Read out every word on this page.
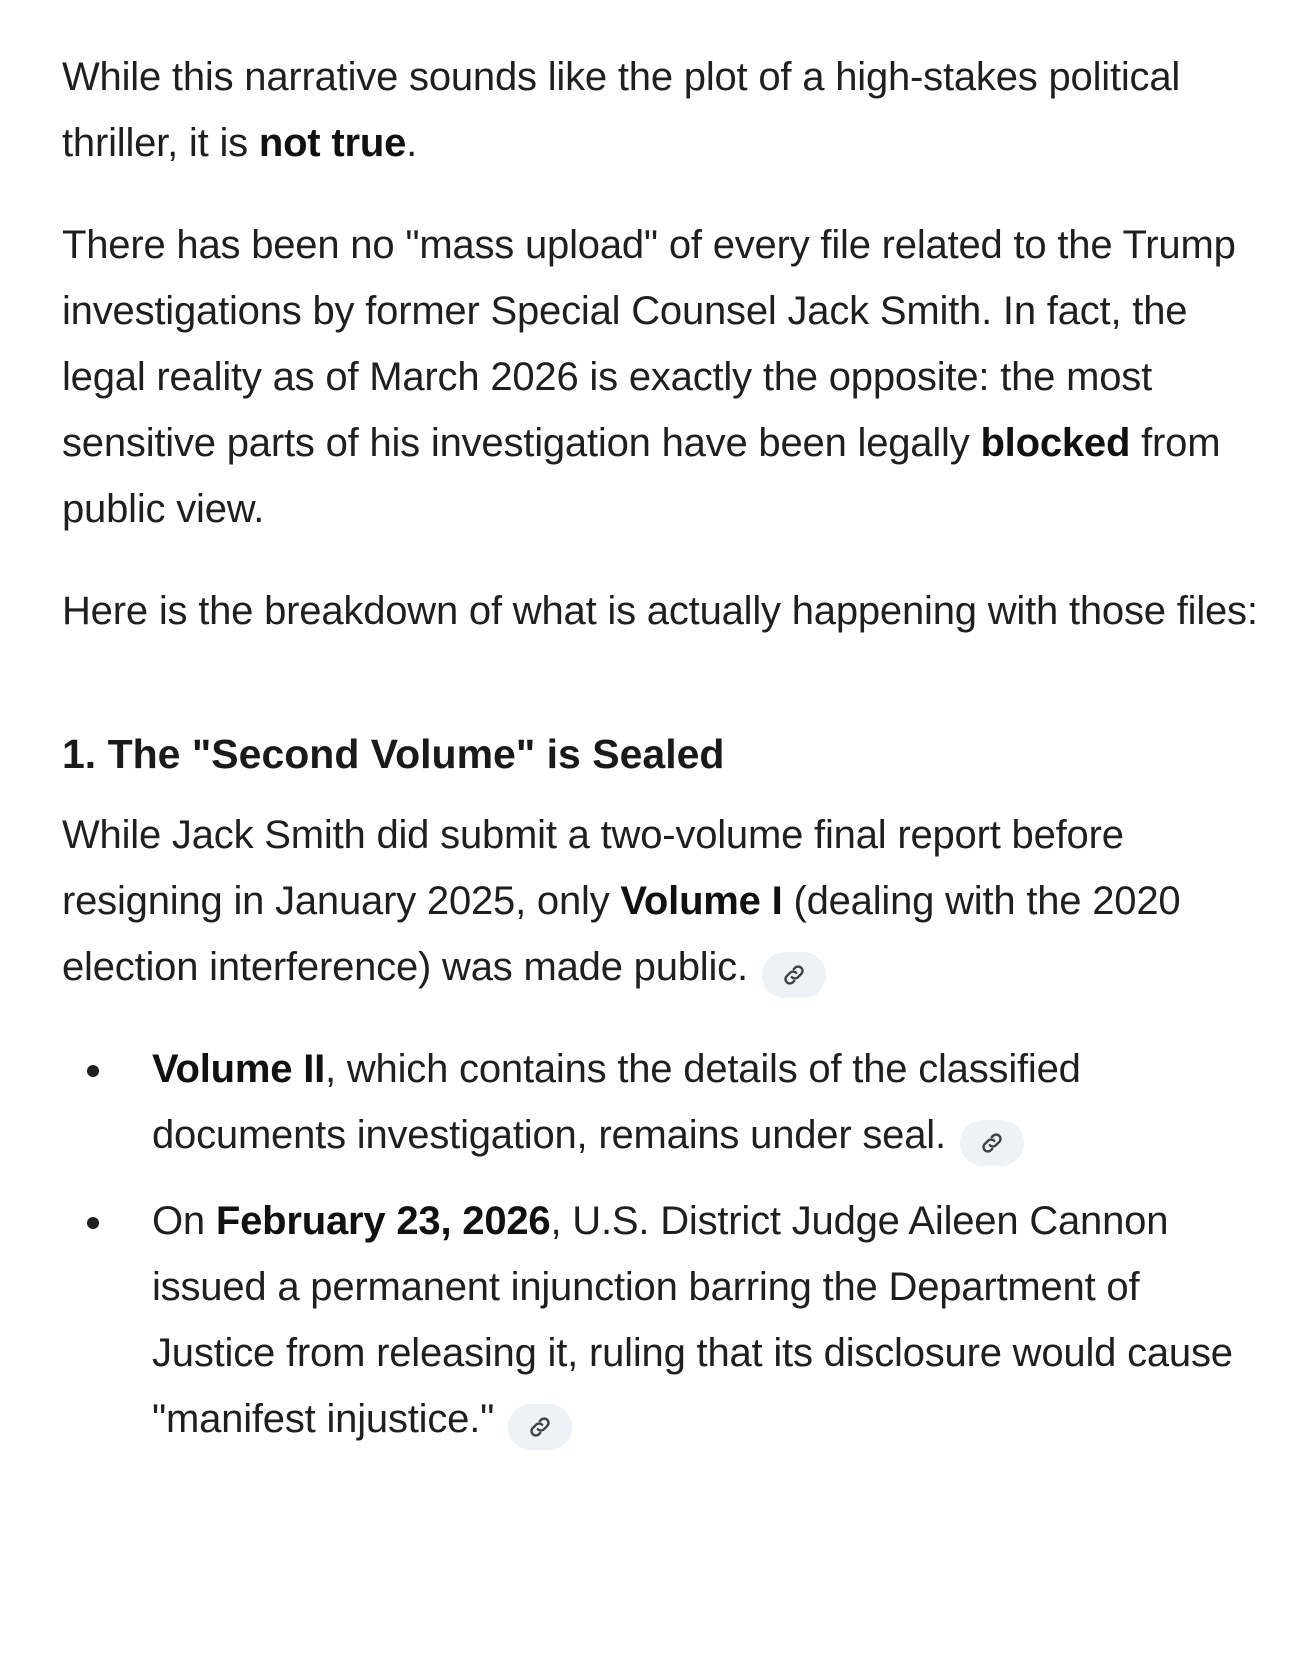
While this narrative sounds like the plot of a high-stakes political thriller, it is not true.

There has been no "mass upload" of every file related to the Trump investigations by former Special Counsel Jack Smith. In fact, the legal reality as of March 2026 is exactly the opposite: the most sensitive parts of his investigation have been legally blocked from public view.

Here is the breakdown of what is actually happening with those files:

1. The "Second Volume" is Sealed

While Jack Smith did submit a two-volume final report before resigning in January 2025, only Volume I (dealing with the 2020 election interference) was made public.

Volume II, which contains the details of the classified documents investigation, remains under seal.
On February 23, 2026, U.S. District Judge Aileen Cannon issued a permanent injunction barring the Department of Justice from releasing it, ruling that its disclosure would cause "manifest injustice."
